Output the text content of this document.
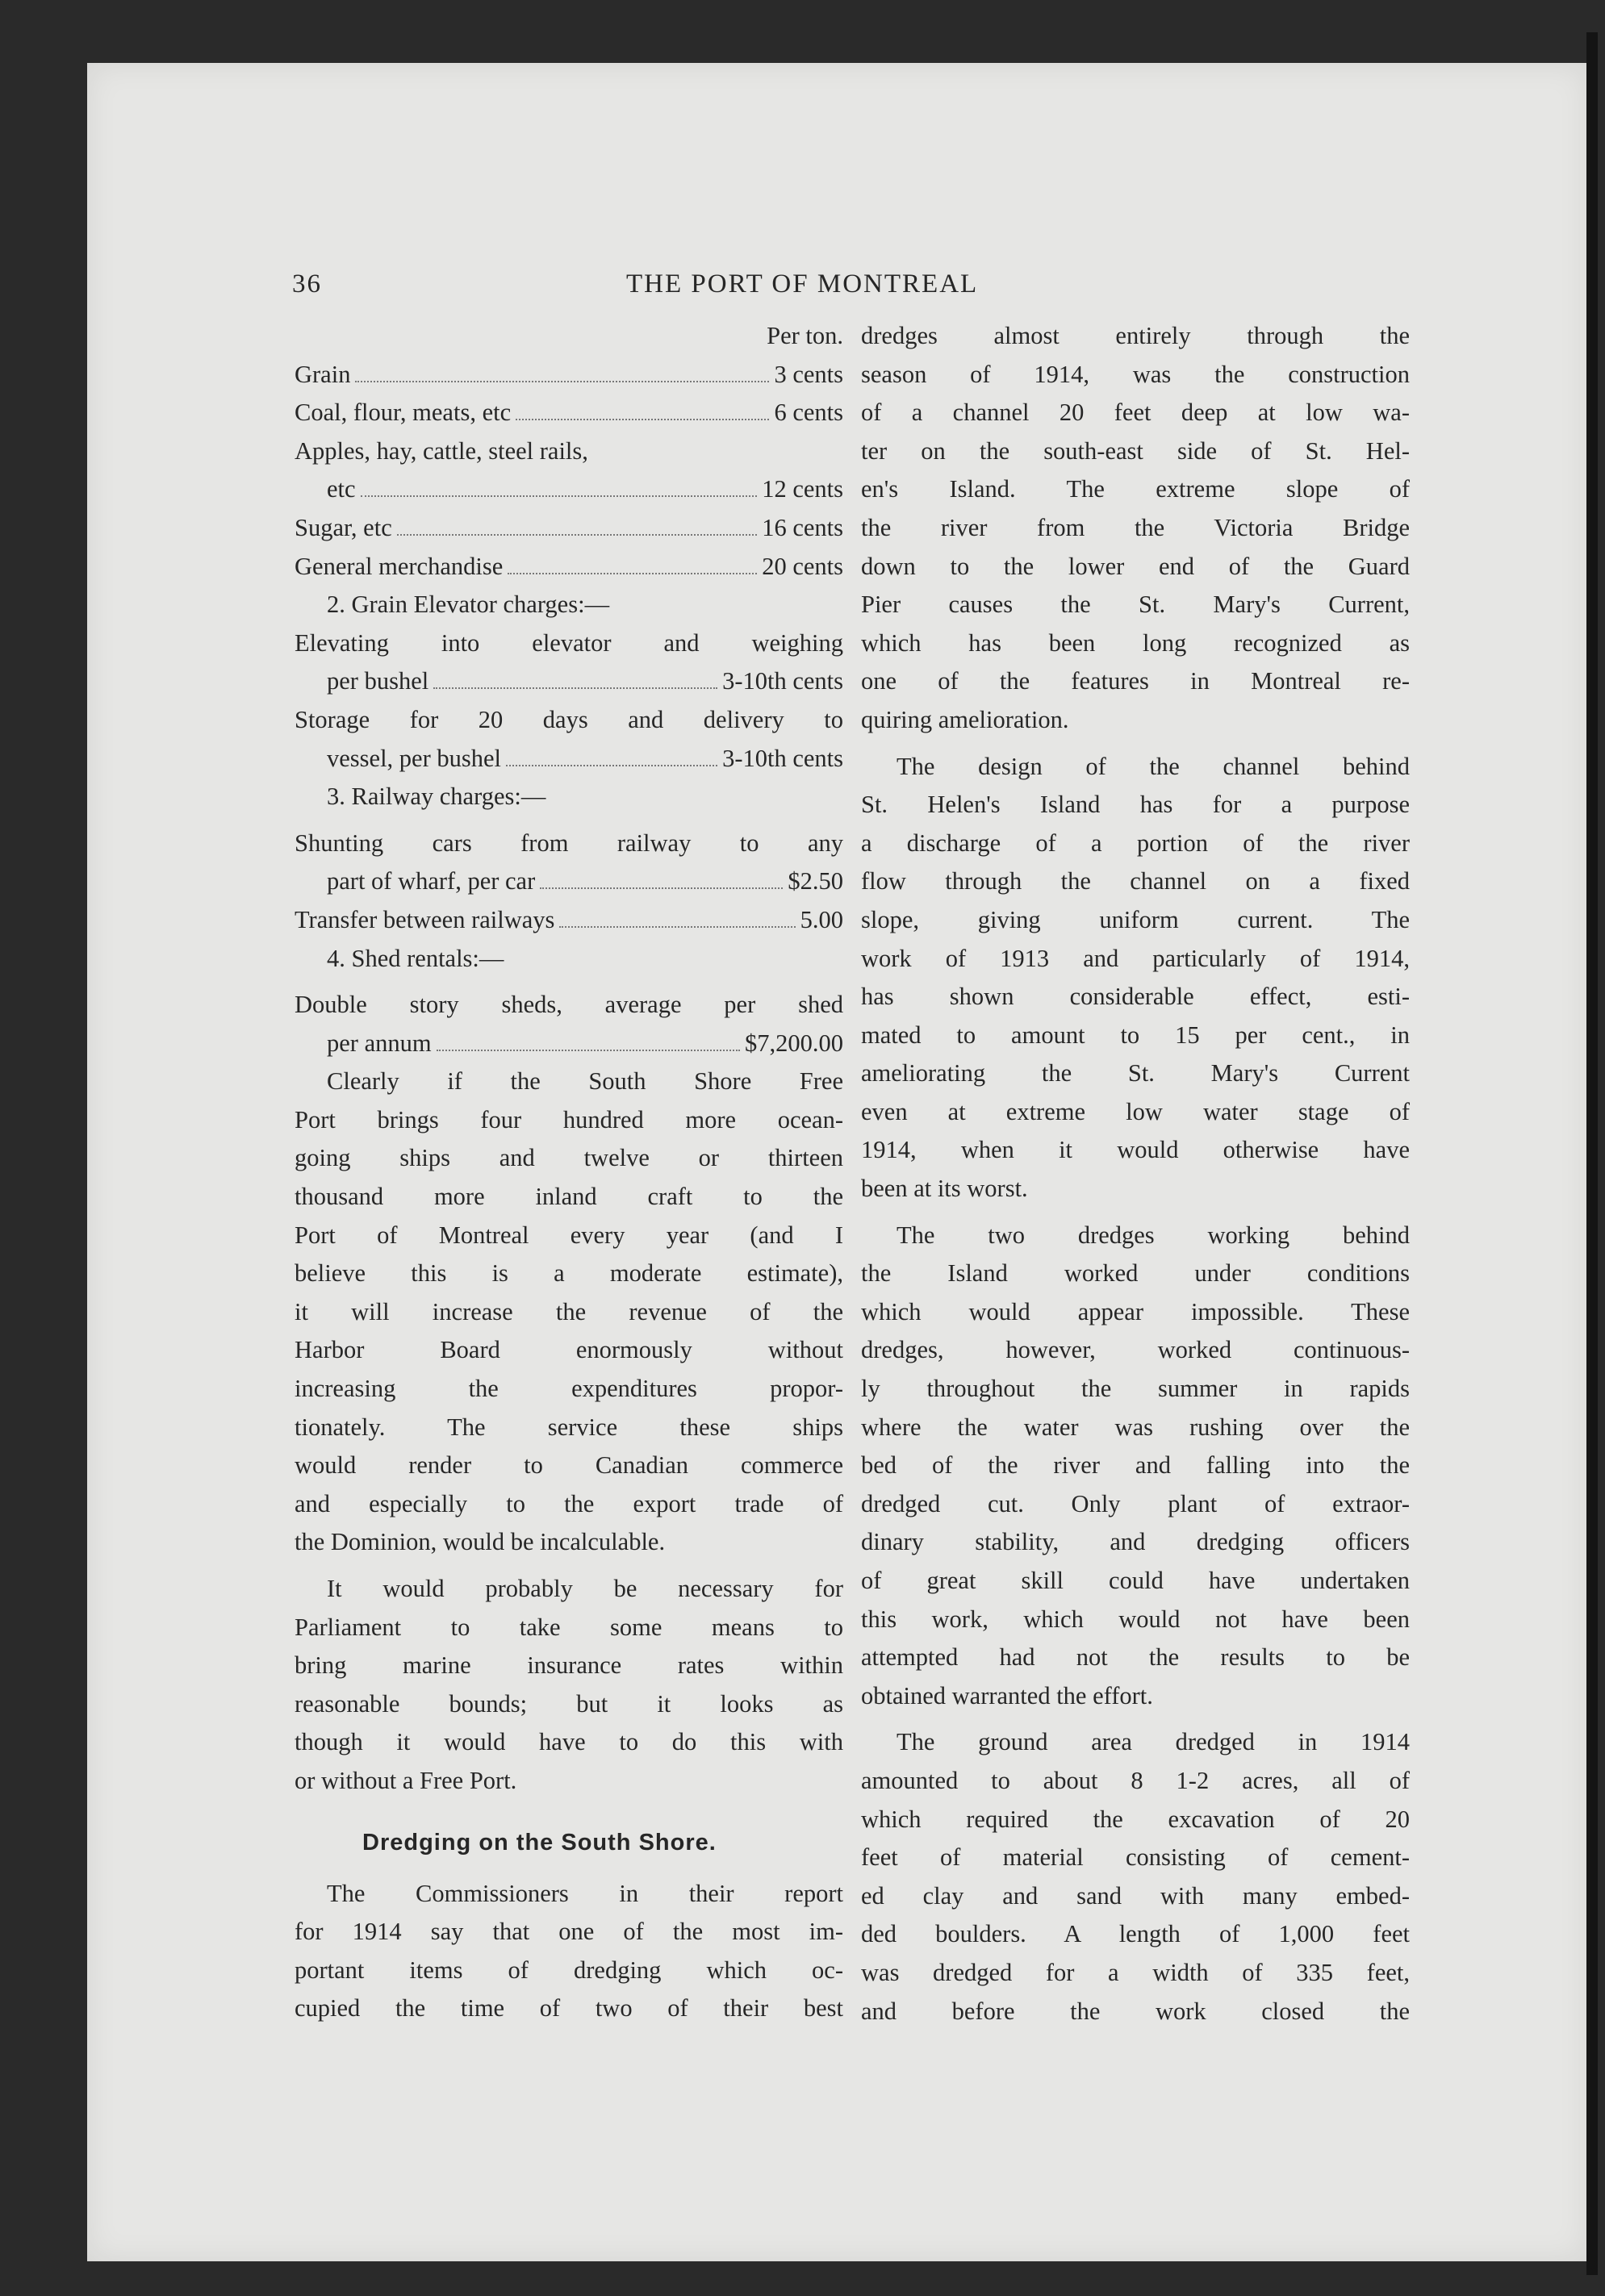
36	THE PORT OF MONTREAL
Per ton.
Grain	3 cents
Coal, flour, meats, etc	6 cents
Apples, hay, cattle, steel rails,
etc	12 cents
Sugar, etc	16 cents
General merchandise	20 cents
2. Grain Elevator charges:—
Elevating into elevator and weighing
per bushel	3-10th cents
Storage for 20 days and delivery to
vessel, per bushel	3-10th cents
3. Railway charges:—
Shunting cars from railway to any
part of wharf, per car	$2.50
Transfer between railways	5.00
4. Shed rentals:—
Double story sheds, average per shed
per annum	$7,200.00
Clearly if the South Shore Free
Port brings four hundred more ocean-
going ships and twelve or thirteen
thousand more inland craft to the
Port of Montreal every year (and I
believe this is a moderate estimate),
it will increase the revenue of the
Harbor Board enormously without
increasing the expenditures propor-
tionately. The service these ships
would render to Canadian commerce
and especially to the export trade of
the Dominion, would be incalculable.
It would probably be necessary for
Parliament to take some means to
bring marine insurance rates within
reasonable bounds; but it looks as
though it would have to do this with
or without a Free Port.
Dredging on the South Shore.
The Commissioners in their report
for 1914 say that one of the most im-
portant items of dredging which oc-
cupied the time of two of their best
dredges almost entirely through the
season of 1914, was the construction
of a channel 20 feet deep at low wa-
ter on the south-east side of St. Hel-
en's Island. The extreme slope of
the river from the Victoria Bridge
down to the lower end of the Guard
Pier causes the St. Mary's Current,
which has been long recognized as
one of the features in Montreal re-
quiring amelioration.
The design of the channel behind
St. Helen's Island has for a purpose
a discharge of a portion of the river
flow through the channel on a fixed
slope, giving uniform current. The
work of 1913 and particularly of 1914,
has shown considerable effect, esti-
mated to amount to 15 per cent., in
ameliorating the St. Mary's Current
even at extreme low water stage of
1914, when it would otherwise have
been at its worst.
The two dredges working behind
the Island worked under conditions
which would appear impossible. These
dredges, however, worked continuous-
ly throughout the summer in rapids
where the water was rushing over the
bed of the river and falling into the
dredged cut. Only plant of extraor-
dinary stability, and dredging officers
of great skill could have undertaken
this work, which would not have been
attempted had not the results to be
obtained warranted the effort.
The ground area dredged in 1914
amounted to about 8 1-2 acres, all of
which required the excavation of 20
feet of material consisting of cement-
ed clay and sand with many embed-
ded boulders. A length of 1,000 feet
was dredged for a width of 335 feet,
and before the work closed the
